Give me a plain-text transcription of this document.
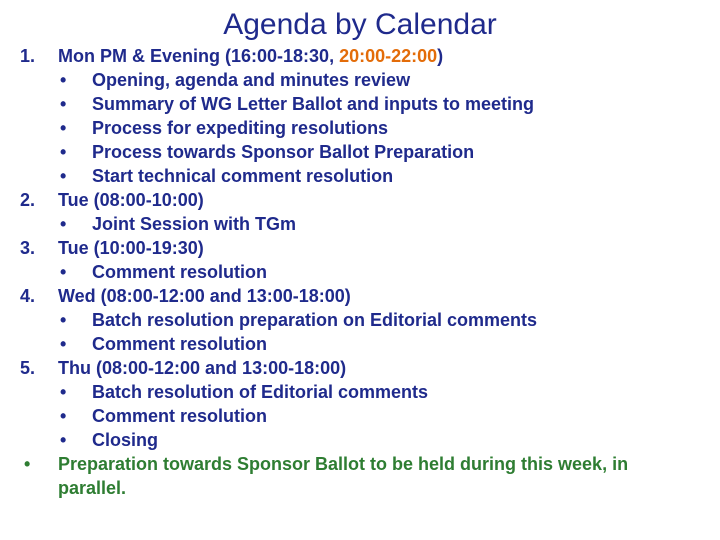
Agenda by Calendar
1.	Mon PM & Evening (16:00-18:30, 20:00-22:00)
• Opening, agenda and minutes review
• Summary of WG Letter Ballot and inputs to meeting
• Process for expediting resolutions
• Process towards Sponsor Ballot Preparation
• Start technical comment resolution
2.	Tue (08:00-10:00)
• Joint Session with TGm
3.	Tue (10:00-19:30)
• Comment resolution
4.	Wed (08:00-12:00 and 13:00-18:00)
• Batch resolution preparation on Editorial comments
• Comment resolution
5.	Thu (08:00-12:00 and 13:00-18:00)
• Batch resolution of Editorial comments
• Comment resolution
• Closing
•	Preparation towards Sponsor Ballot to be held during this week, in parallel.
